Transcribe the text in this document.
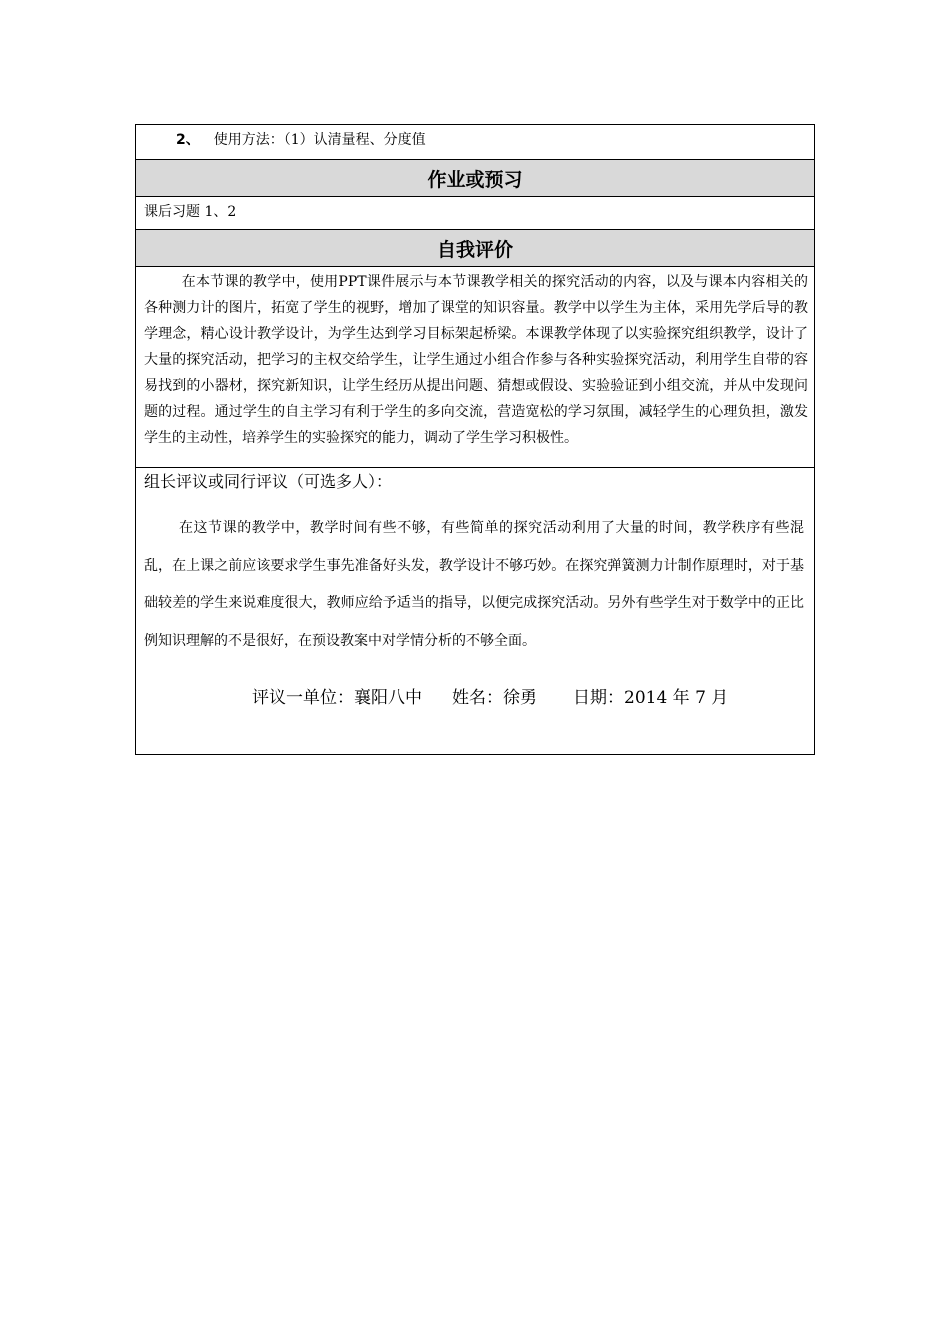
2、 使用方法：（1）认清量程、分度值
作业或预习
课后习题 1、2
自我评价

在本节课的教学中，使用PPT课件展示与本节课教学相关的探究活动的内容，以及与课本内容相关的各种测力计的图片，拓宽了学生的视野，增加了课堂的知识容量。教学中以学生为主体，采用先学后导的教学理念，精心设计教学设计，为学生达到学习目标架起桥梁。本课教学体现了以实验探究组织教学，设计了大量的探究活动，把学习的主权交给学生，让学生通过小组合作参与各种实验探究活动，利用学生自带的容易找到的小器材，探究新知识，让学生经历从提出问题、猜想或假设、实验验证到小组交流，并从中发现问题的过程。通过学生的自主学习有利于学生的多向交流，营造宽松的学习氛围，减轻学生的心理负担，激发学生的主动性，培养学生的实验探究的能力，调动了学生学习积极性。

组长评议或同行评议（可选多人）：

在这节课的教学中，教学时间有些不够，有些简单的探究活动利用了大量的时间，教学秩序有些混乱，在上课之前应该要求学生事先准备好头发，教学设计不够巧妙。在探究弹簧测力计制作原理时，对于基础较差的学生来说难度很大，教师应给予适当的指导，以便完成探究活动。另外有些学生对于数学中的正比例知识理解的不是很好，在预设教案中对学情分析的不够全面。

评议一单位：襄阳八中 姓名：徐勇 日期：2014 年 7 月
